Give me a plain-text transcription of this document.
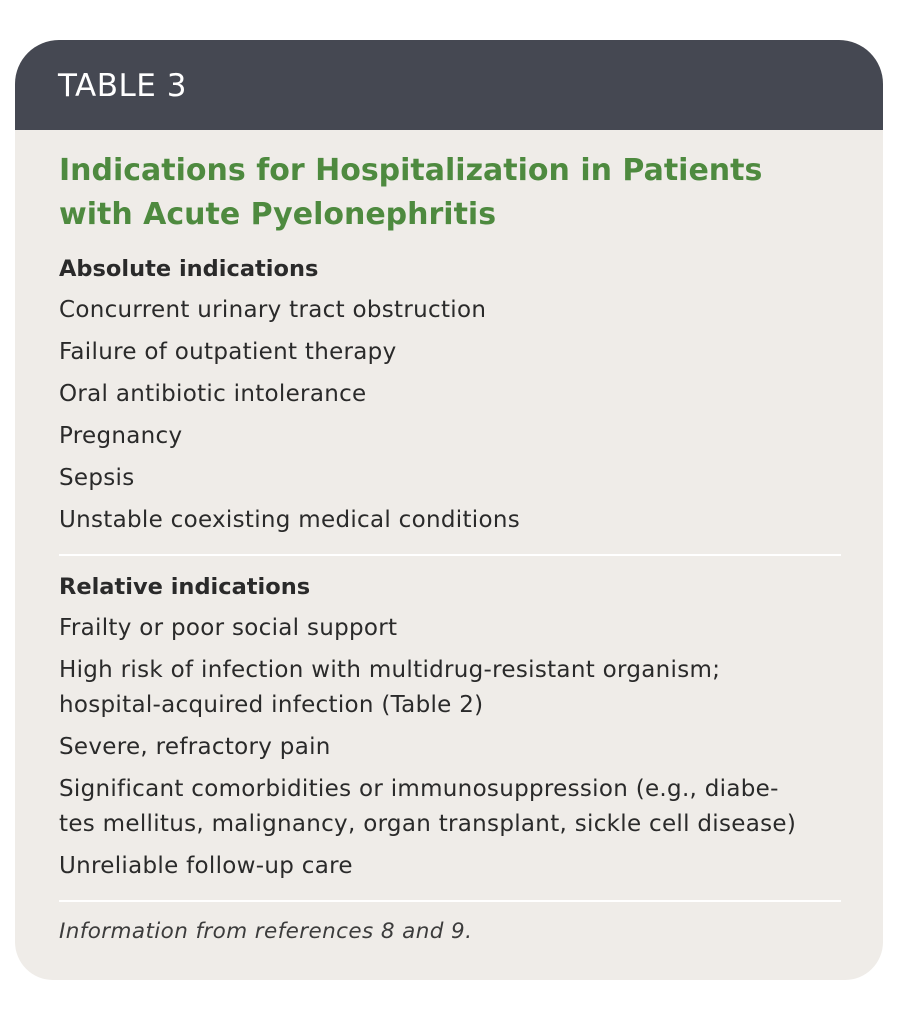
TABLE 3
Indications for Hospitalization in Patients
with Acute Pyelonephritis
Absolute indications
Concurrent urinary tract obstruction
Failure of outpatient therapy
Oral antibiotic intolerance
Pregnancy
Sepsis
Unstable coexisting medical conditions
Relative indications
Frailty or poor social support
High risk of infection with multidrug-resistant organism;
hospital-acquired infection (Table 2)
Severe, refractory pain
Significant comorbidities or immunosuppression (e.g., diabe-
tes mellitus, malignancy, organ transplant, sickle cell disease)
Unreliable follow-up care
Information from references 8 and 9.
